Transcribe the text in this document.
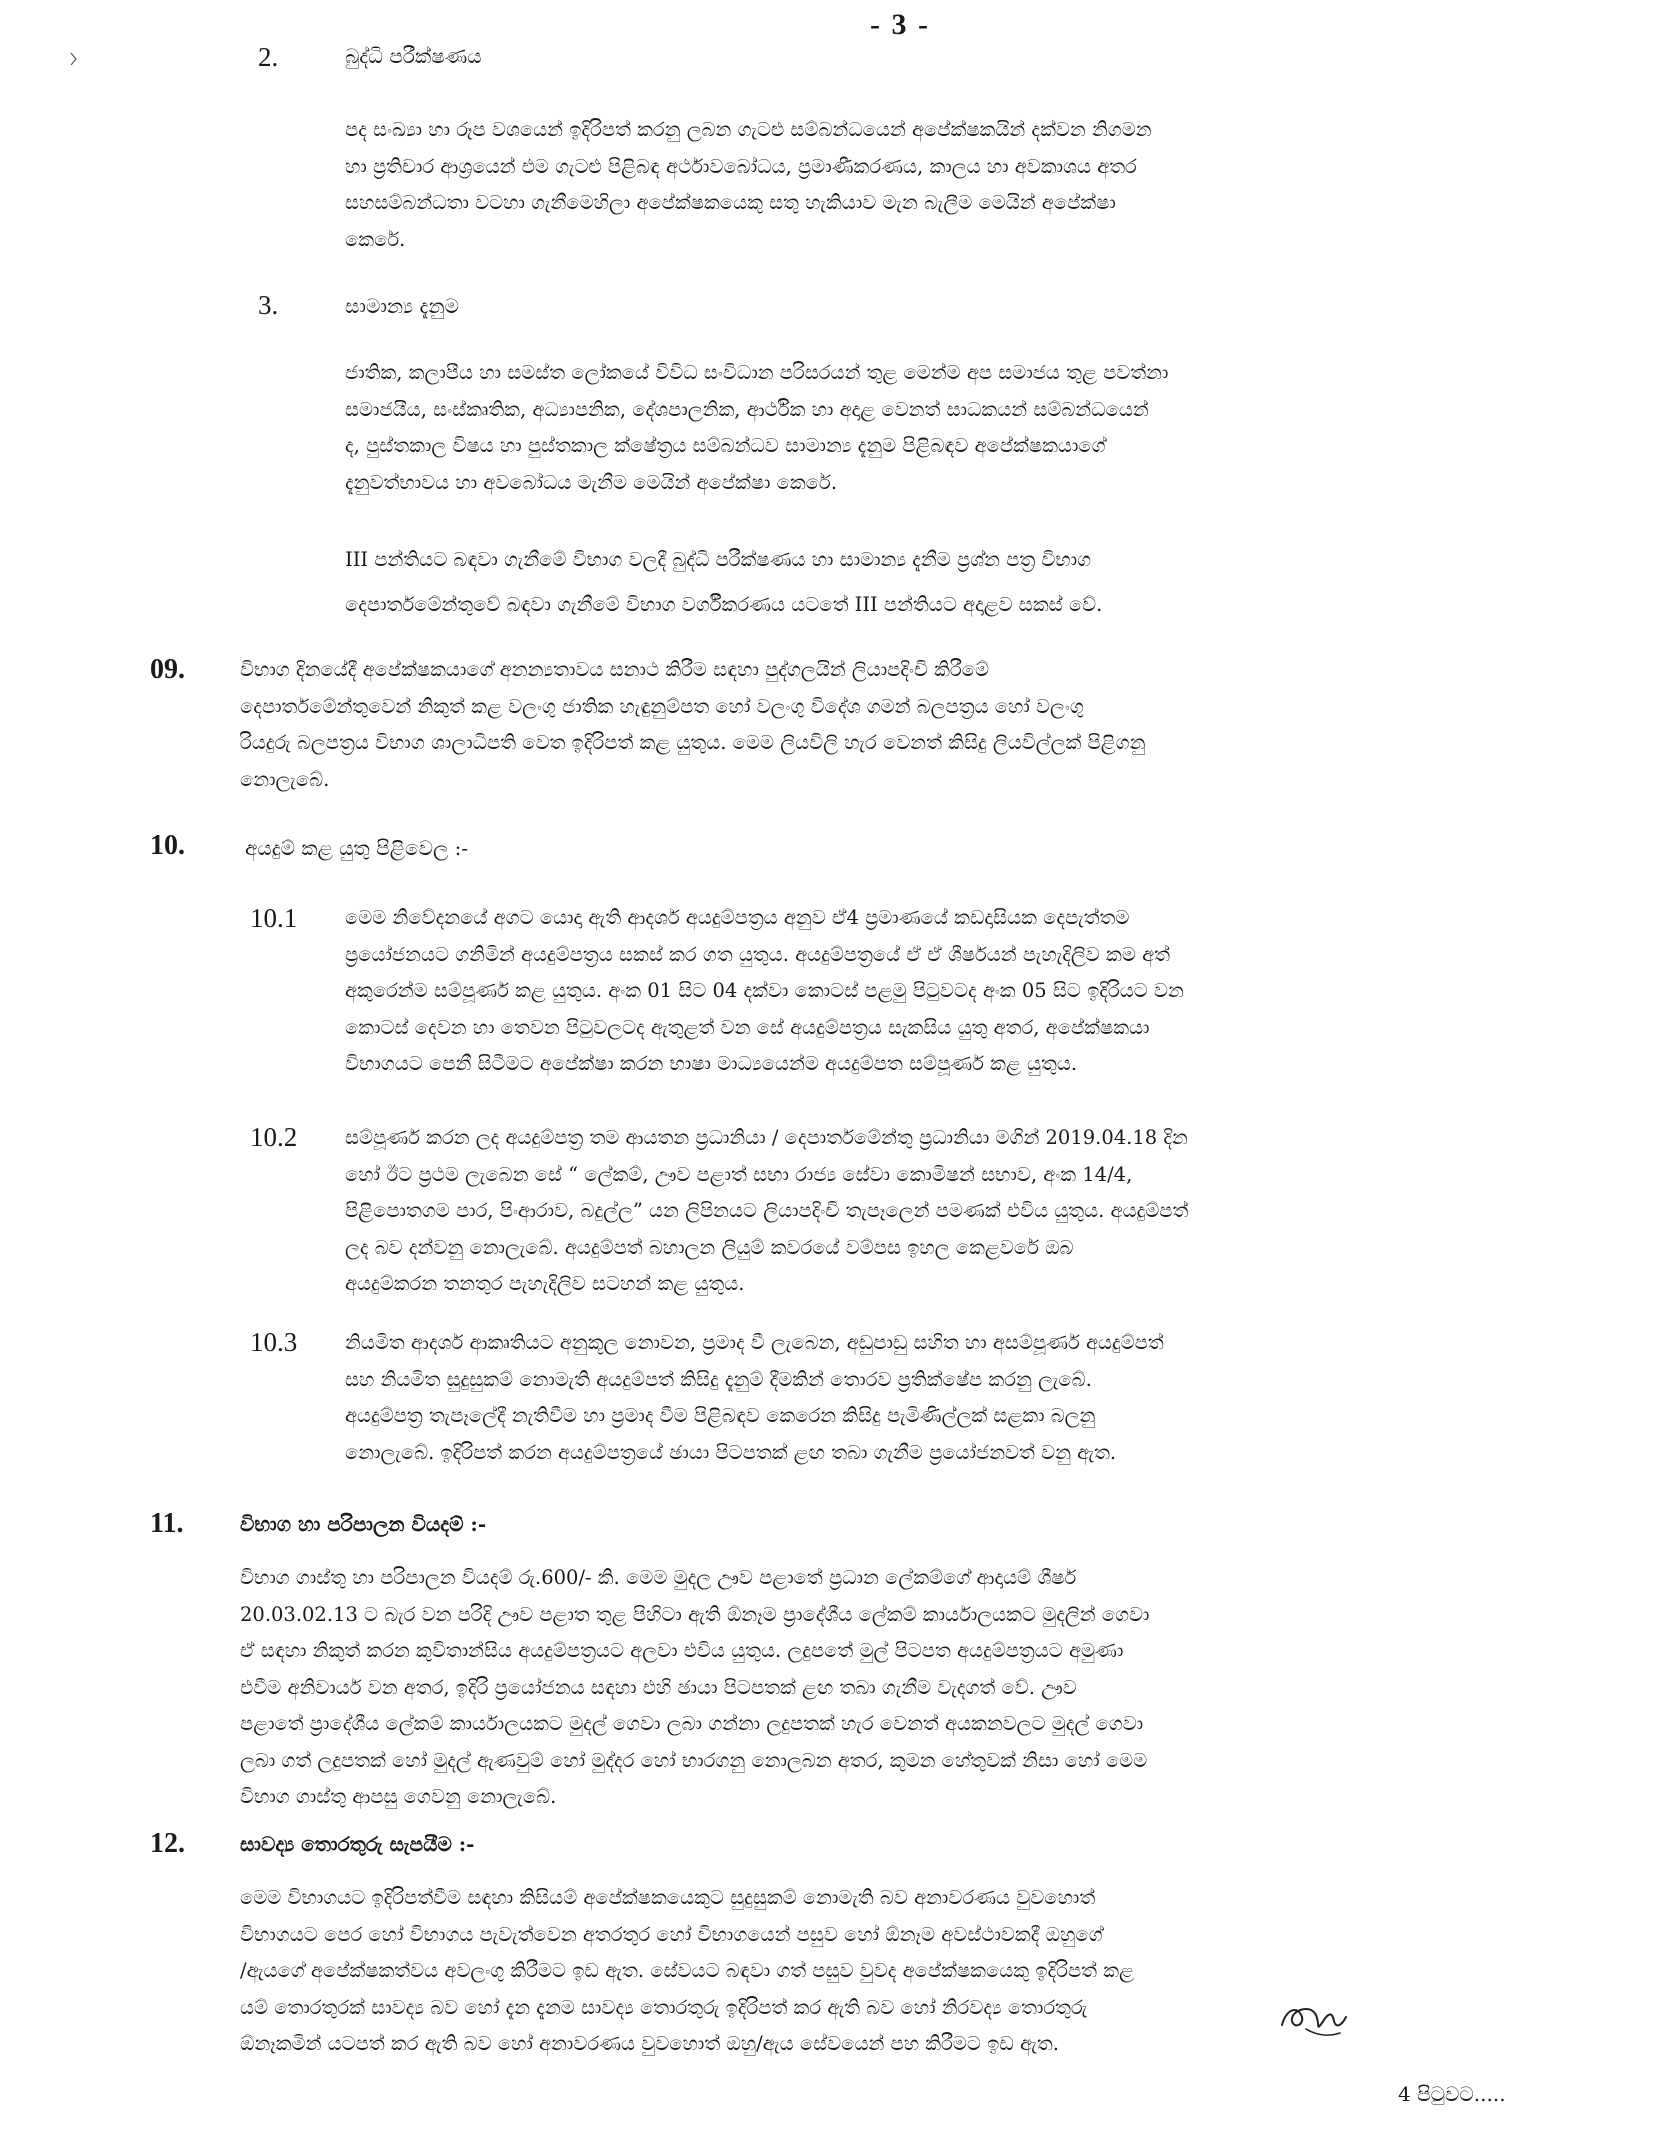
- 3 -
2.	බුද්ධි පරීක්ෂණය
පද සංඛ්‍යා හා රූප වශයෙන් ඉදිරිපත් කරනු ලබන ගැටළු සම්බන්ධයෙන් අපේක්ෂකයින් දක්වන නිගමන
හා ප්‍රතිචාර ආශ්‍රයෙන් එම ගැටළු පිළිබඳ අර්ථාවබෝධය, ප්‍රමාණීකරණය, කාලය හා අවකාශය අතර
සහසම්බන්ධතා වටහා ගැනීමෙහිලා අපේක්ෂකයෙකු සතු හැකියාව මැන බැලීම මෙයින් අපේක්ෂා
කෙරේ.
3.	සාමාන්‍ය දැනුම
ජාතික, කලාපීය හා සමස්ත ලෝකයේ විවිධ සංවිධාන පරිසරයන් තුළ මෙන්ම අප සමාජය තුළ පවත්නා
සමාජයීය, සංස්කෘතික, අධ්‍යාපනික, දේශපාලනික, ආර්ථික හා අදාළ වෙනත් සාධකයන් සම්බන්ධයෙන්
ද, පුස්තකාල විෂය හා පුස්තකාල ක්ෂේත්‍රය සම්බන්ධව සාමාන්‍ය දැනුම පිළිබඳව අපේක්ෂකයාගේ
දැනුවත්භාවය හා අවබෝධය මැනීම මෙයින් අපේක්ෂා කෙරේ.
III පන්තියට බඳවා ගැනීමේ විභාග වලදී බුද්ධි පරීක්ෂණය හා සාමාන්‍ය දැනීම ප්‍රශ්න පත්‍ර විභාග
දෙපාර්තමේන්තුවේ බඳවා ගැනීමේ විභාග වර්ගීකරණය යටතේ III පන්තියට අදාළව සකස් වේ.
09.	විභාග දිනයේදී අපේක්ෂකයාගේ අනන්‍යතාවය සනාථ කිරීම සඳහා පුද්ගලයින් ලියාපදිංචි කිරීමේ
දෙපාර්තමේන්තුවෙන් නිකුත් කළ වලංගු ජාතික හැඳුනුම්පත හෝ වලංගු විදේශ ගමන් බලපත්‍රය හෝ වලංගු
රියදුරු බලපත්‍රය විභාග ශාලාධිපති වෙත ඉදිරිපත් කළ යුතුය. මෙම ලියවිලි හැර වෙනත් කිසිදු ලියවිල්ලක් පිළිගනු
නොලැබේ.
10.	අයදුම් කළ යුතු පිළිවෙල :-
10.1 මෙම නිවේදනයේ අගට යොදා ඇති ආදර්ශ අයදුම්පත්‍රය අනුව ඒ4 ප්‍රමාණයේ කඩදාසියක දෙපැත්තම
ප්‍රයෝජනයට ගනිමින් අයදුම්පත්‍රය සකස් කර ගත යුතුය. අයදුම්පත්‍රයේ ඒ ඒ ශීර්ෂයන් පැහැදිලිව කම අත්
අකුරෙන්ම සම්පූර්ණ කළ යුතුය. අංක 01 සිට 04 දක්වා කොටස් පළමු පිටුවටද අංක 05 සිට ඉදිරියට වන
කොටස් දෙවන හා තෙවන පිටුවලටද ඇතුළත් වන සේ අයදුම්පත්‍රය සැකසිය යුතු අතර, අපේක්ෂකයා
විභාගයට පෙනී සිටීමට අපේක්ෂා කරන භාෂා මාධ්‍යයෙන්ම අයදුම්පත සම්පූර්ණ කළ යුතුය.
10.2 සම්පූර්ණ කරන ලද අයදුම්පත්‍ර තම ආයතන ප්‍රධානියා / දෙපාර්තමේන්තු ප්‍රධානියා මගින් 2019.04.18 දින
හෝ ඊට ප්‍රථම ලැබෙන සේ “ ලේකම්, ඌව පළාත් සභා රාජ්‍ය සේවා කොමිෂන් සභාව, අංක 14/4,
පිළිපොතගම පාර, පිංආරාව, බදුල්ල” යන ලිපිනයට ලියාපදිංචි තැපෑලෙන් පමණක් එවිය යුතුය. අයදුම්පත්
ලද බව දන්වනු නොලැබේ. අයදුම්පත් බහාලන ලියුම් කවරයේ වම්පස ඉහල කෙළවරේ ඔබ
අයදුම්කරන තනතුර පැහැදිලිව සටහන් කළ යුතුය.
10.3 නියමිත ආදර්ශ ආකෘතියට අනුකූල නොවන, ප්‍රමාද වී ලැබෙන, අඩුපාඩු සහිත හා අසම්පූර්ණ අයදුම්පත්
සහ නියමිත සුදුසුකම් නොමැති අයදුම්පත් කිසිදු දැනුම් දීමකින් තොරව ප්‍රතික්ෂේප කරනු ලැබේ.
අයදුම්පත්‍ර තැපෑලේදී නැතිවීම හා ප්‍රමාද වීම පිළිබඳව කෙරෙන කිසිදු පැමිණිල්ලක් සළකා බලනු
නොලැබේ. ඉදිරිපත් කරන අයදුම්පත්‍රයේ ඡායා පිටපතක් ළඟ තබා ගැනීම ප්‍රයෝජනවත් වනු ඇත.
11.	විභාග හා පරිපාලන වියදම් :-
විභාග ගාස්තු හා පරිපාලන වියදම් රු.600/- කි. මෙම මුදල ඌව පළාතේ ප්‍රධාන ලේකම්ගේ ආදායම් ශීර්ෂ
20.03.02.13 ට බැර වන පරිදි ඌව පළාත තුළ පිහිටා ඇති ඕනෑම ප්‍රාදේශීය ලේකම් කාර්යාලයකට මුදලින් ගෙවා
ඒ සඳහා නිකුත් කරන කුවිතාන්සිය අයදුම්පත්‍රයට අලවා එවිය යුතුය. ලදුපතේ මුල් පිටපත අයදුම්පත්‍රයට අමුණා
එවීම අනිවාර්ය වන අතර, ඉදිරි ප්‍රයෝජනය සඳහා එහි ඡායා පිටපතක් ළඟ තබා ගැනීම වැදගත් වේ. ඌව
පළාතේ ප්‍රාදේශීය ලේකම් කාර්යාලයකට මුදල් ගෙවා ලබා ගන්නා ලදුපතක් හැර වෙනත් අයකනවලට මුදල් ගෙවා
ලබා ගත් ලදුපතක් හෝ මුදල් ඇණවුම් හෝ මුද්දර හෝ භාරගනු නොලබන අතර, කුමන හේතුවක් නිසා හෝ මෙම
විභාග ගාස්තු ආපසු ගෙවනු නොලැබේ.
12.	සාවද්‍ය තොරතුරු සැපයීම :-
මෙම විභාගයට ඉදිරිපත්වීම සඳහා කිසියම් අපේක්ෂකයෙකුට සුදුසුකම් නොමැති බව අනාවරණය වුවහොත්
විභාගයට පෙර හෝ විභාගය පැවැත්වෙන අතරතුර හෝ විභාගයෙන් පසුව හෝ ඕනෑම අවස්ථාවකදී ඔහුගේ
/ඇයගේ අපේක්ෂකත්වය අවලංගු කිරීමට ඉඩ ඇත. සේවයට බඳවා ගත් පසුව වුවද අපේක්ෂකයෙකු ඉදිරිපත් කළ
යම් තොරතුරක් සාවද්‍ය බව හෝ දැන දැනම සාවද්‍ය තොරතුරු ඉදිරිපත් කර ඇති බව හෝ නිරවද්‍ය තොරතුරු
ඕනෑකමින් යටපත් කර ඇති බව හෝ අනාවරණය වුවහොත් ඔහු/ඇය සේවයෙන් පහ කිරීමට ඉඩ ඇත.
4 පිටුවට.....
